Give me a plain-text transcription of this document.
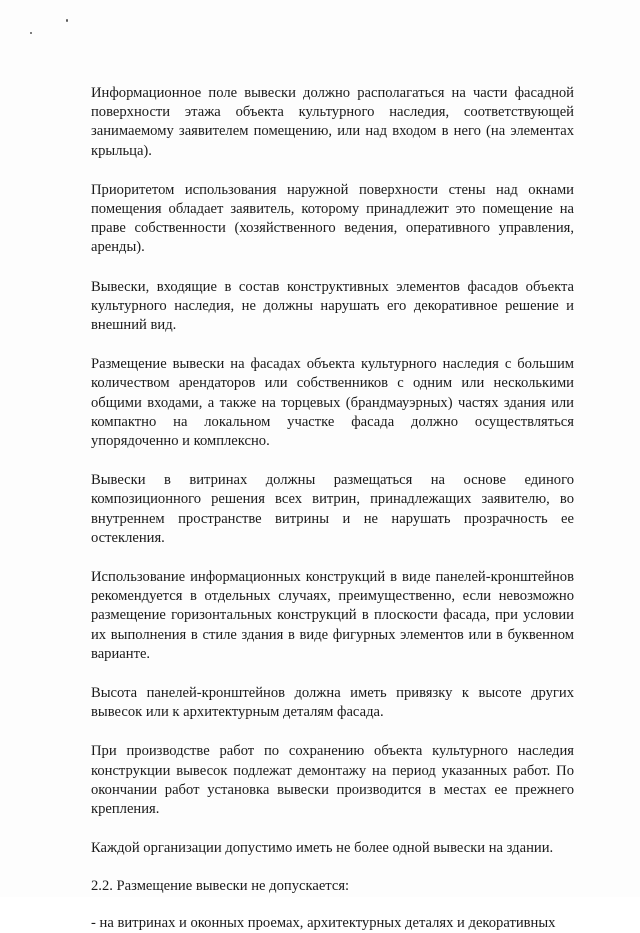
Информационное поле вывески должно располагаться на части фасадной поверхности этажа объекта культурного наследия, соответствующей занимаемому заявителем помещению, или над входом в него (на элементах крыльца).

Приоритетом использования наружной поверхности стены над окнами помещения обладает заявитель, которому принадлежит это помещение на праве собственности (хозяйственного ведения, оперативного управления, аренды).

Вывески, входящие в состав конструктивных элементов фасадов объекта культурного наследия, не должны нарушать его декоративное решение и внешний вид.

Размещение вывески на фасадах объекта культурного наследия с большим количеством арендаторов или собственников с одним или несколькими общими входами, а также на торцевых (брандмауэрных) частях здания или компактно на локальном участке фасада должно осуществляться упорядоченно и комплексно.

Вывески в витринах должны размещаться на основе единого композиционного решения всех витрин, принадлежащих заявителю, во внутреннем пространстве витрины и не нарушать прозрачность ее остекления.

Использование информационных конструкций в виде панелей-кронштейнов рекомендуется в отдельных случаях, преимущественно, если невозможно размещение горизонтальных конструкций в плоскости фасада, при условии их выполнения в стиле здания в виде фигурных элементов или в буквенном варианте.

Высота панелей-кронштейнов должна иметь привязку к высоте других вывесок или к архитектурным деталям фасада.

При производстве работ по сохранению объекта культурного наследия конструкции вывесок подлежат демонтажу на период указанных работ. По окончании работ установка вывески производится в местах ее прежнего крепления.

Каждой организации допустимо иметь не более одной вывески на здании.

2.2. Размещение вывески не допускается:

- на витринах и оконных проемах, архитектурных деталях и декоративных
